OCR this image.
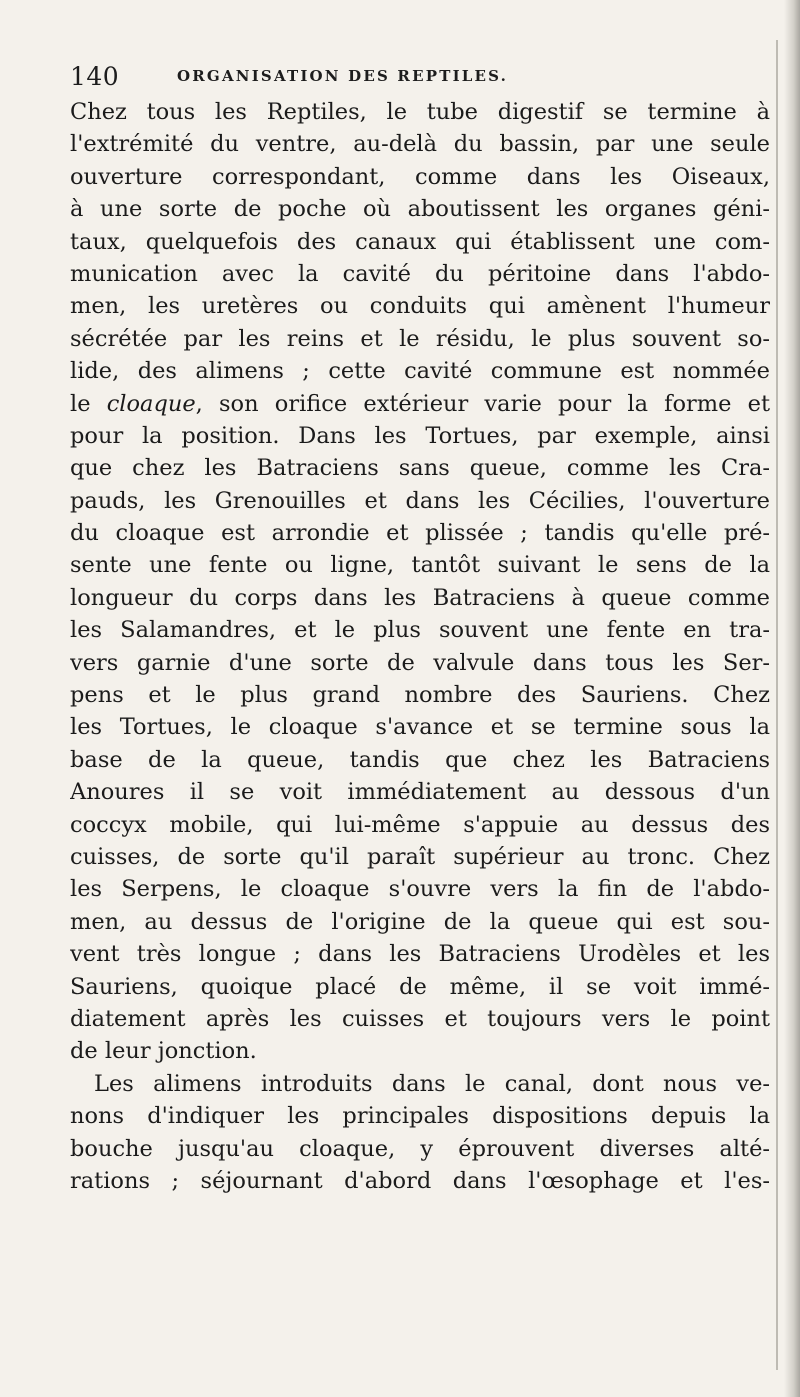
140	ORGANISATION DES REPTILES.
Chez tous les Reptiles, le tube digestif se termine à
l'extrémité du ventre, au-delà du bassin, par une seule
ouverture correspondant, comme dans les Oiseaux,
à une sorte de poche où aboutissent les organes géni-
taux, quelquefois des canaux qui établissent une com-
munication avec la cavité du péritoine dans l'abdo-
men, les uretères ou conduits qui amènent l'humeur
sécrétée par les reins et le résidu, le plus souvent so-
lide, des alimens ; cette cavité commune est nommée
le cloaque, son orifice extérieur varie pour la forme et
pour la position. Dans les Tortues, par exemple, ainsi
que chez les Batraciens sans queue, comme les Cra-
pauds, les Grenouilles et dans les Cécilies, l'ouverture
du cloaque est arrondie et plissée ; tandis qu'elle pré-
sente une fente ou ligne, tantôt suivant le sens de la
longueur du corps dans les Batraciens à queue comme
les Salamandres, et le plus souvent une fente en tra-
vers garnie d'une sorte de valvule dans tous les Ser-
pens et le plus grand nombre des Sauriens. Chez
les Tortues, le cloaque s'avance et se termine sous la
base de la queue, tandis que chez les Batraciens
Anoures il se voit immédiatement au dessous d'un
coccyx mobile, qui lui-même s'appuie au dessus des
cuisses, de sorte qu'il paraît supérieur au tronc. Chez
les Serpens, le cloaque s'ouvre vers la fin de l'abdo-
men, au dessus de l'origine de la queue qui est sou-
vent très longue ; dans les Batraciens Urodèles et les
Sauriens, quoique placé de même, il se voit immé-
diatement après les cuisses et toujours vers le point
de leur jonction.
Les alimens introduits dans le canal, dont nous ve-
nons d'indiquer les principales dispositions depuis la
bouche jusqu'au cloaque, y éprouvent diverses alté-
rations ; séjournant d'abord dans l'œsophage et l'es-
